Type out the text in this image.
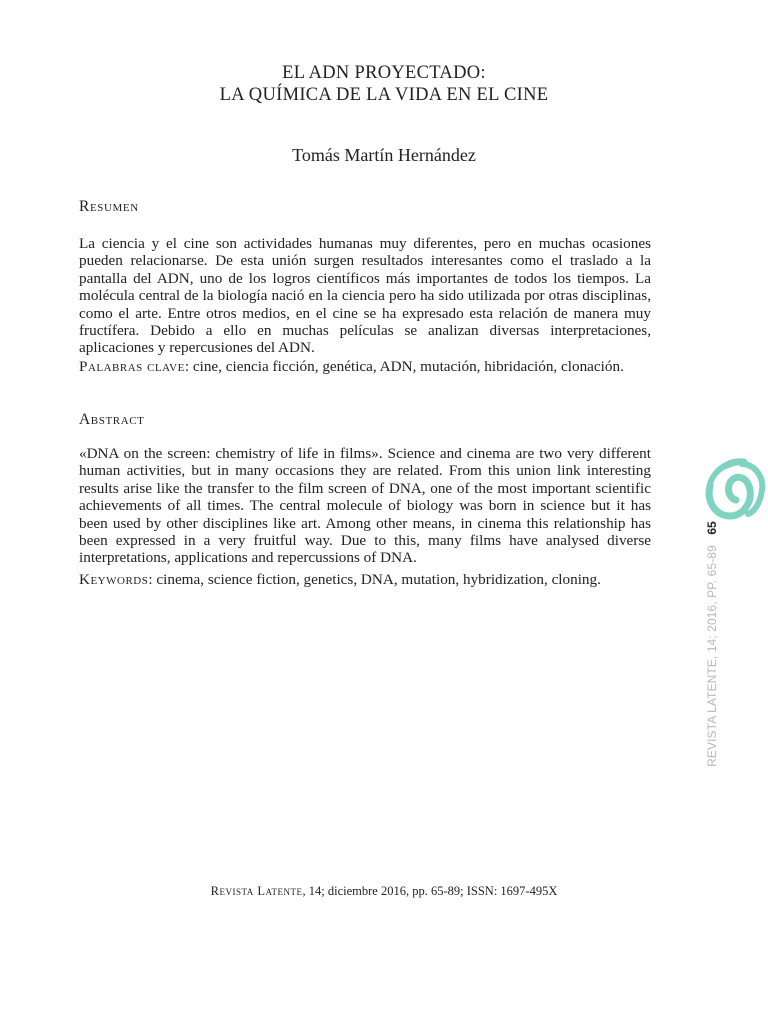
EL ADN PROYECTADO:
LA QUÍMICA DE LA VIDA EN EL CINE
Tomás Martín Hernández
Resumen

La ciencia y el cine son actividades humanas muy diferentes, pero en muchas ocasiones pueden relacionarse. De esta unión surgen resultados interesantes como el traslado a la pantalla del ADN, uno de los logros científicos más importantes de todos los tiempos. La molécula central de la biología nació en la ciencia pero ha sido utilizada por otras disciplinas, como el arte. Entre otros medios, en el cine se ha expresado esta relación de manera muy fructífera. Debido a ello en muchas películas se analizan diversas interpretaciones, aplicaciones y repercusiones del ADN.

Palabras clave: cine, ciencia ficción, genética, ADN, mutación, hibridación, clonación.
Abstract

«DNA on the screen: chemistry of life in films». Science and cinema are two very different human activities, but in many occasions they are related. From this union link interesting results arise like the transfer to the film screen of DNA, one of the most important scientific achievements of all times. The central molecule of biology was born in science but it has been used by other disciplines like art. Among other means, in cinema this relationship has been expressed in a very fruitful way. Due to this, many films have analysed diverse interpretations, applications and repercussions of DNA.

Keywords: cinema, science fiction, genetics, DNA, mutation, hybridization, cloning.
Revista Latente, 14; diciembre 2016, pp. 65-89; ISSN: 1697-495X
65
REVISTA LATENTE, 14; 2016, PP. 65-89
